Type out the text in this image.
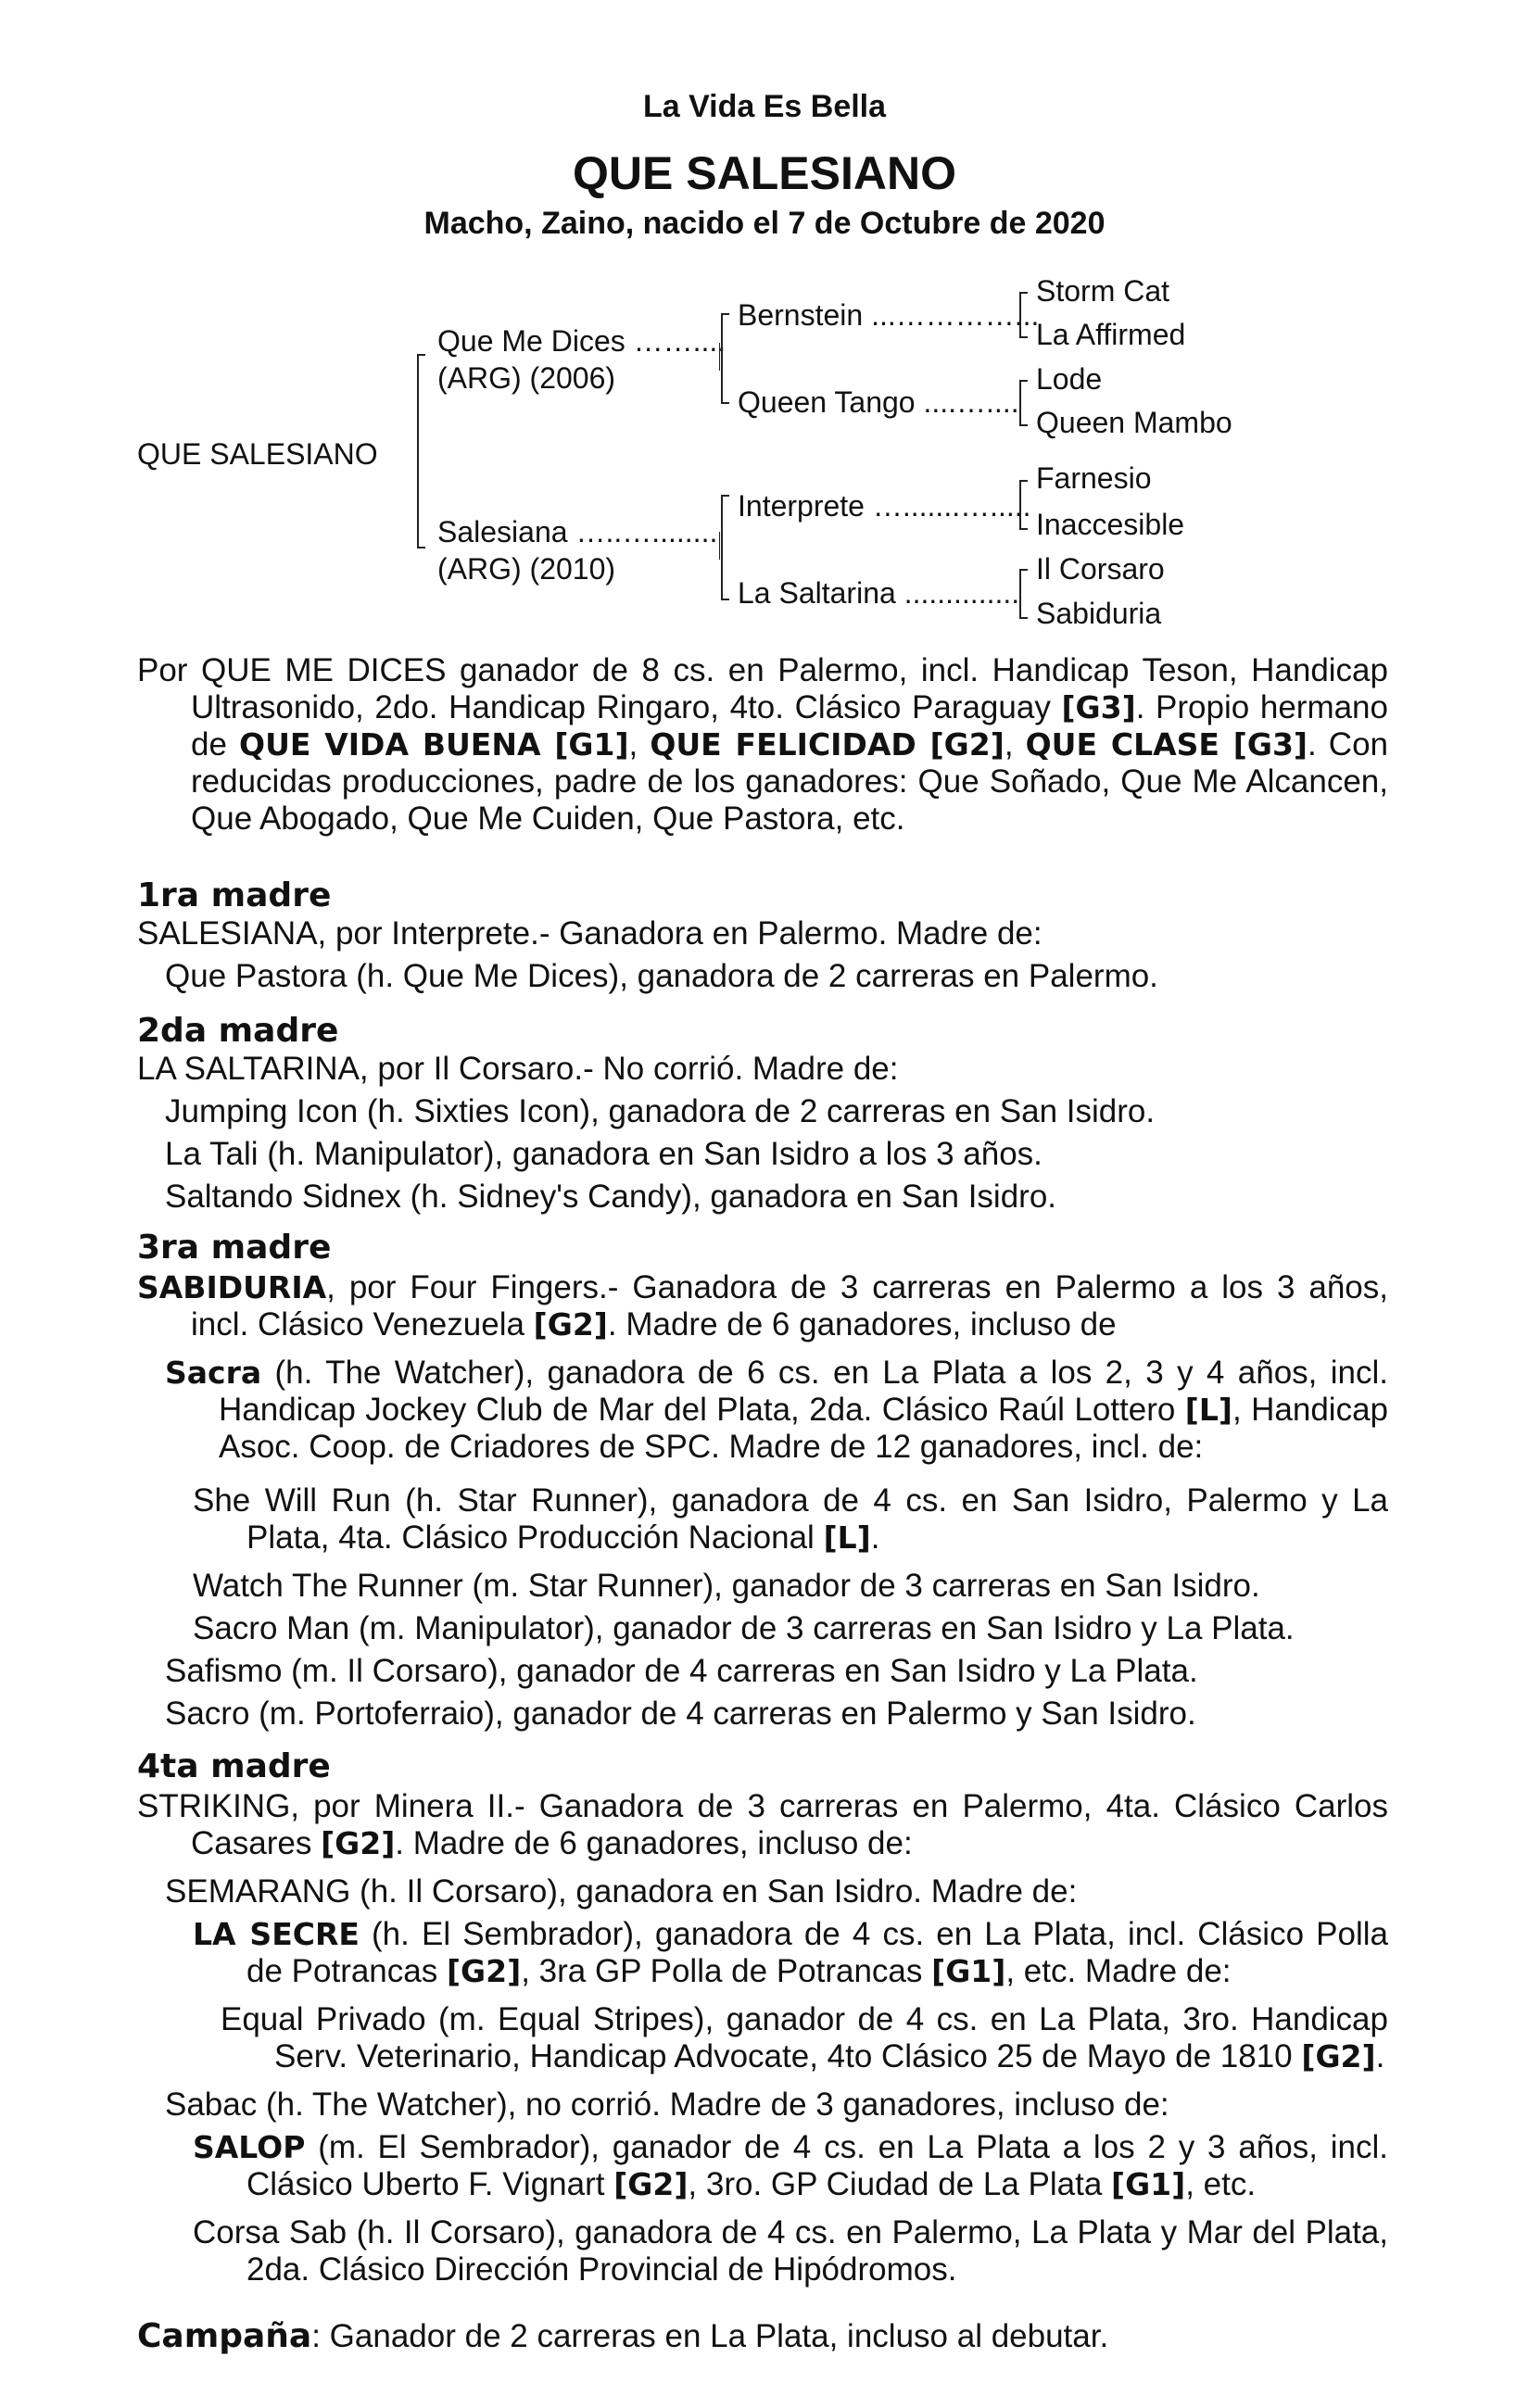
La Vida Es Bella
QUE SALESIANO
Macho, Zaino, nacido el 7 de Octubre de 2020
QUE SALESIANO
Que Me Dices ……....
(ARG) (2006)
Salesiana …..…........
(ARG) (2010)
Bernstein ...…………...
Queen Tango ....…....
Interprete ….......….....
La Saltarina ..............
Storm Cat
La Affirmed
Lode
Queen Mambo
Farnesio
Inaccesible
Il Corsaro
Sabiduria
Por QUE ME DICES ganador de 8 cs. en Palermo, incl. Handicap Teson, Handicap Ultrasonido, 2do. Handicap Ringaro, 4to. Clásico Paraguay [G3]. Propio hermano de QUE VIDA BUENA [G1], QUE FELICIDAD [G2], QUE CLASE [G3]. Con reducidas producciones, padre de los ganadores: Que Soñado, Que Me Alcancen, Que Abogado, Que Me Cuiden, Que Pastora, etc.
1ra madre
SALESIANA, por Interprete.- Ganadora en Palermo. Madre de:
Que Pastora (h. Que Me Dices), ganadora de 2 carreras en Palermo.
2da madre
LA SALTARINA, por Il Corsaro.- No corrió. Madre de:
Jumping Icon (h. Sixties Icon), ganadora de 2 carreras en San Isidro.
La Tali (h. Manipulator), ganadora en San Isidro a los 3 años.
Saltando Sidnex (h. Sidney's Candy), ganadora en San Isidro.
3ra madre
SABIDURIA, por Four Fingers.- Ganadora de 3 carreras en Palermo a los 3 años, incl. Clásico Venezuela [G2]. Madre de 6 ganadores, incluso de
Sacra (h. The Watcher), ganadora de 6 cs. en La Plata a los 2, 3 y 4 años, incl. Handicap Jockey Club de Mar del Plata, 2da. Clásico Raúl Lottero [L], Handicap Asoc. Coop. de Criadores de SPC. Madre de 12 ganadores, incl. de:
She Will Run (h. Star Runner), ganadora de 4 cs. en San Isidro, Palermo y La Plata, 4ta. Clásico Producción Nacional [L].
Watch The Runner (m. Star Runner), ganador de 3 carreras en San Isidro.
Sacro Man (m. Manipulator), ganador de 3 carreras en San Isidro y La Plata.
Safismo (m. Il Corsaro), ganador de 4 carreras en San Isidro y La Plata.
Sacro (m. Portoferraio), ganador de 4 carreras en Palermo y San Isidro.
4ta madre
STRIKING, por Minera II.- Ganadora de 3 carreras en Palermo, 4ta. Clásico Carlos Casares [G2]. Madre de 6 ganadores, incluso de:
SEMARANG (h. Il Corsaro), ganadora en San Isidro. Madre de:
LA SECRE (h. El Sembrador), ganadora de 4 cs. en La Plata, incl. Clásico Polla de Potrancas [G2], 3ra GP Polla de Potrancas [G1], etc. Madre de:
Equal Privado (m. Equal Stripes), ganador de 4 cs. en La Plata, 3ro. Handicap Serv. Veterinario, Handicap Advocate, 4to Clásico 25 de Mayo de 1810 [G2].
Sabac (h. The Watcher), no corrió. Madre de 3 ganadores, incluso de:
SALOP (m. El Sembrador), ganador de 4 cs. en La Plata a los 2 y 3 años, incl. Clásico Uberto F. Vignart [G2], 3ro. GP Ciudad de La Plata [G1], etc.
Corsa Sab (h. Il Corsaro), ganadora de 4 cs. en Palermo, La Plata y Mar del Plata, 2da. Clásico Dirección Provincial de Hipódromos.
Campaña: Ganador de 2 carreras en La Plata, incluso al debutar.
